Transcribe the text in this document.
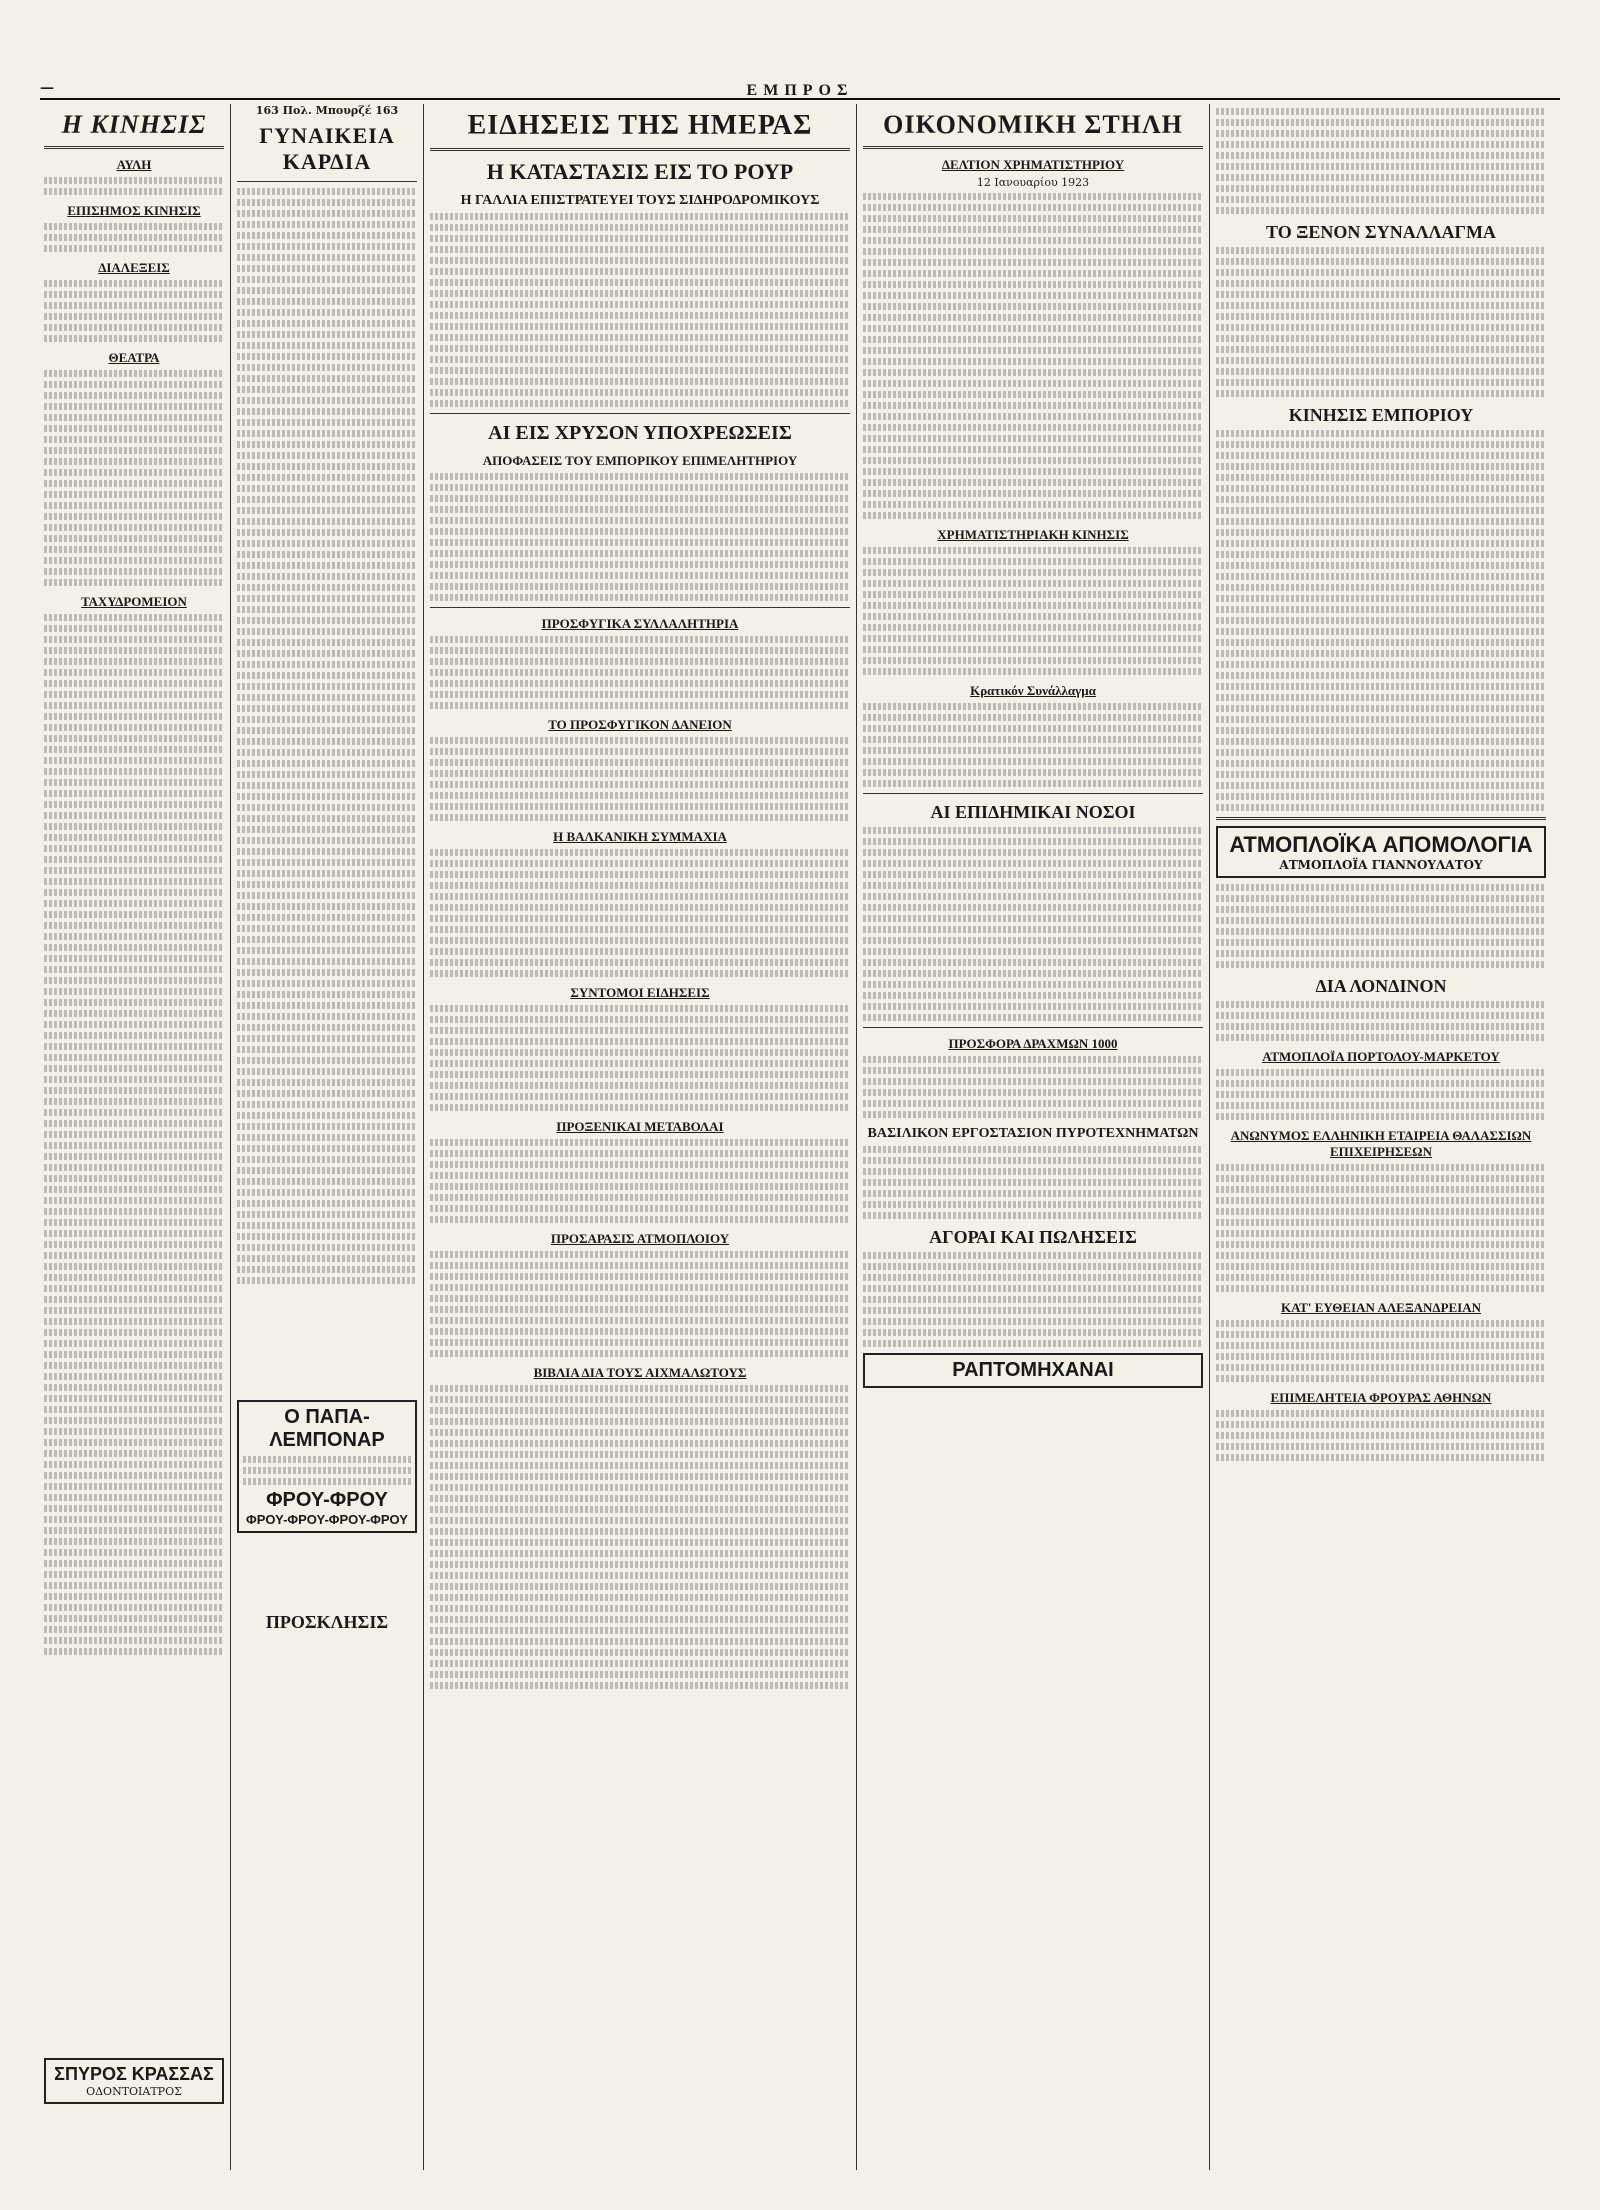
—	ΕΜΠΡΟΣ
Η ΚΙΝΗΣΙΣ
ΑΥΛΗ
ΕΠΙΣΗΜΟΣ ΚΙΝΗΣΙΣ
ΔΙΑΛΕΞΕΙΣ
ΘΕΑΤΡΑ
ΤΑΧΥΔΡΟΜΕΙΟΝ
ΣΠΥΡΟΣ ΚΡΑΣΣΑΣ
ΟΔΟΝΤΟΙΑΤΡΟΣ
163 Πολ. Μπουρζέ 163
ΓΥΝΑΙΚΕΙΑ ΚΑΡΔΙΑ
Ο ΠΑΠΑ-ΛΕΜΠΟΝΑΡ
ΦΡΟΥ-ΦΡΟΥ
ΦΡΟΥ-ΦΡΟΥ-ΦΡΟΥ-ΦΡΟΥ
ΠΡΟΣΚΛΗΣΙΣ
ΕΙΔΗΣΕΙΣ ΤΗΣ ΗΜΕΡΑΣ
Η ΚΑΤΑΣΤΑΣΙΣ ΕΙΣ ΤΟ ΡΟΥΡ
Η ΓΑΛΛΙΑ ΕΠΙΣΤΡΑΤΕΥΕΙ ΤΟΥΣ ΣΙΔΗΡΟΔΡΟΜΙΚΟΥΣ
ΑΙ ΕΙΣ ΧΡΥΣΟΝ ΥΠΟΧΡΕΩΣΕΙΣ
ΑΠΟΦΑΣΕΙΣ ΤΟΥ ΕΜΠΟΡΙΚΟΥ ΕΠΙΜΕΛΗΤΗΡΙΟΥ
ΠΡΟΣΦΥΓΙΚΑ ΣΥΛΛΑΛΗΤΗΡΙΑ
ΤΟ ΠΡΟΣΦΥΓΙΚΟΝ ΔΑΝΕΙΟΝ
Η ΒΑΛΚΑΝΙΚΗ ΣΥΜΜΑΧΙΑ
ΣΥΝΤΟΜΟΙ ΕΙΔΗΣΕΙΣ
ΠΡΟΞΕΝΙΚΑΙ ΜΕΤΑΒΟΛΑΙ
ΠΡΟΣΑΡΑΣΙΣ ΑΤΜΟΠΛΟΙΟΥ
ΒΙΒΛΙΑ ΔΙΑ ΤΟΥΣ ΑΙΧΜΑΛΩΤΟΥΣ
ΟΙΚΟΝΟΜΙΚΗ ΣΤΗΛΗ
ΔΕΛΤΙΟΝ ΧΡΗΜΑΤΙΣΤΗΡΙΟΥ
12 Ιανουαρίου 1923
ΧΡΗΜΑΤΙΣΤΗΡΙΑΚΗ ΚΙΝΗΣΙΣ
Κρατικόν Συνάλλαγμα
ΑΙ ΕΠΙΔΗΜΙΚΑΙ ΝΟΣΟΙ
ΠΡΟΣΦΟΡΑ ΔΡΑΧΜΩΝ 1000
ΒΑΣΙΛΙΚΟΝ ΕΡΓΟΣΤΑΣΙΟΝ ΠΥΡΟΤΕΧΝΗΜΑΤΩΝ
ΑΓΟΡΑΙ ΚΑΙ ΠΩΛΗΣΕΙΣ
ΡΑΠΤΟΜΗΧΑΝΑΙ
ΤΟ ΞΕΝΟΝ ΣΥΝΑΛΛΑΓΜΑ
ΚΙΝΗΣΙΣ ΕΜΠΟΡΙΟΥ
ΑΤΜΟΠΛΟΪΚΑ ΑΠΟΜΟΛΟΓΙΑ
ΑΤΜΟΠΛΟΪΑ ΓΙΑΝΝΟΥΛΑΤΟΥ
ΔΙΑ ΛΟΝΔΙΝΟΝ
ΑΤΜΟΠΛΟΪΑ ΠΟΡΤΟΛΟΥ-ΜΑΡΚΕΤΟΥ
ΑΝΩΝΥΜΟΣ ΕΛΛΗΝΙΚΗ ΕΤΑΙΡΕΙΑ ΘΑΛΑΣΣΙΩΝ ΕΠΙΧΕΙΡΗΣΕΩΝ
ΚΑΤ' ΕΥΘΕΙΑΝ ΑΛΕΞΑΝΔΡΕΙΑΝ
ΕΠΙΜΕΛΗΤΕΙΑ ΦΡΟΥΡΑΣ ΑΘΗΝΩΝ
